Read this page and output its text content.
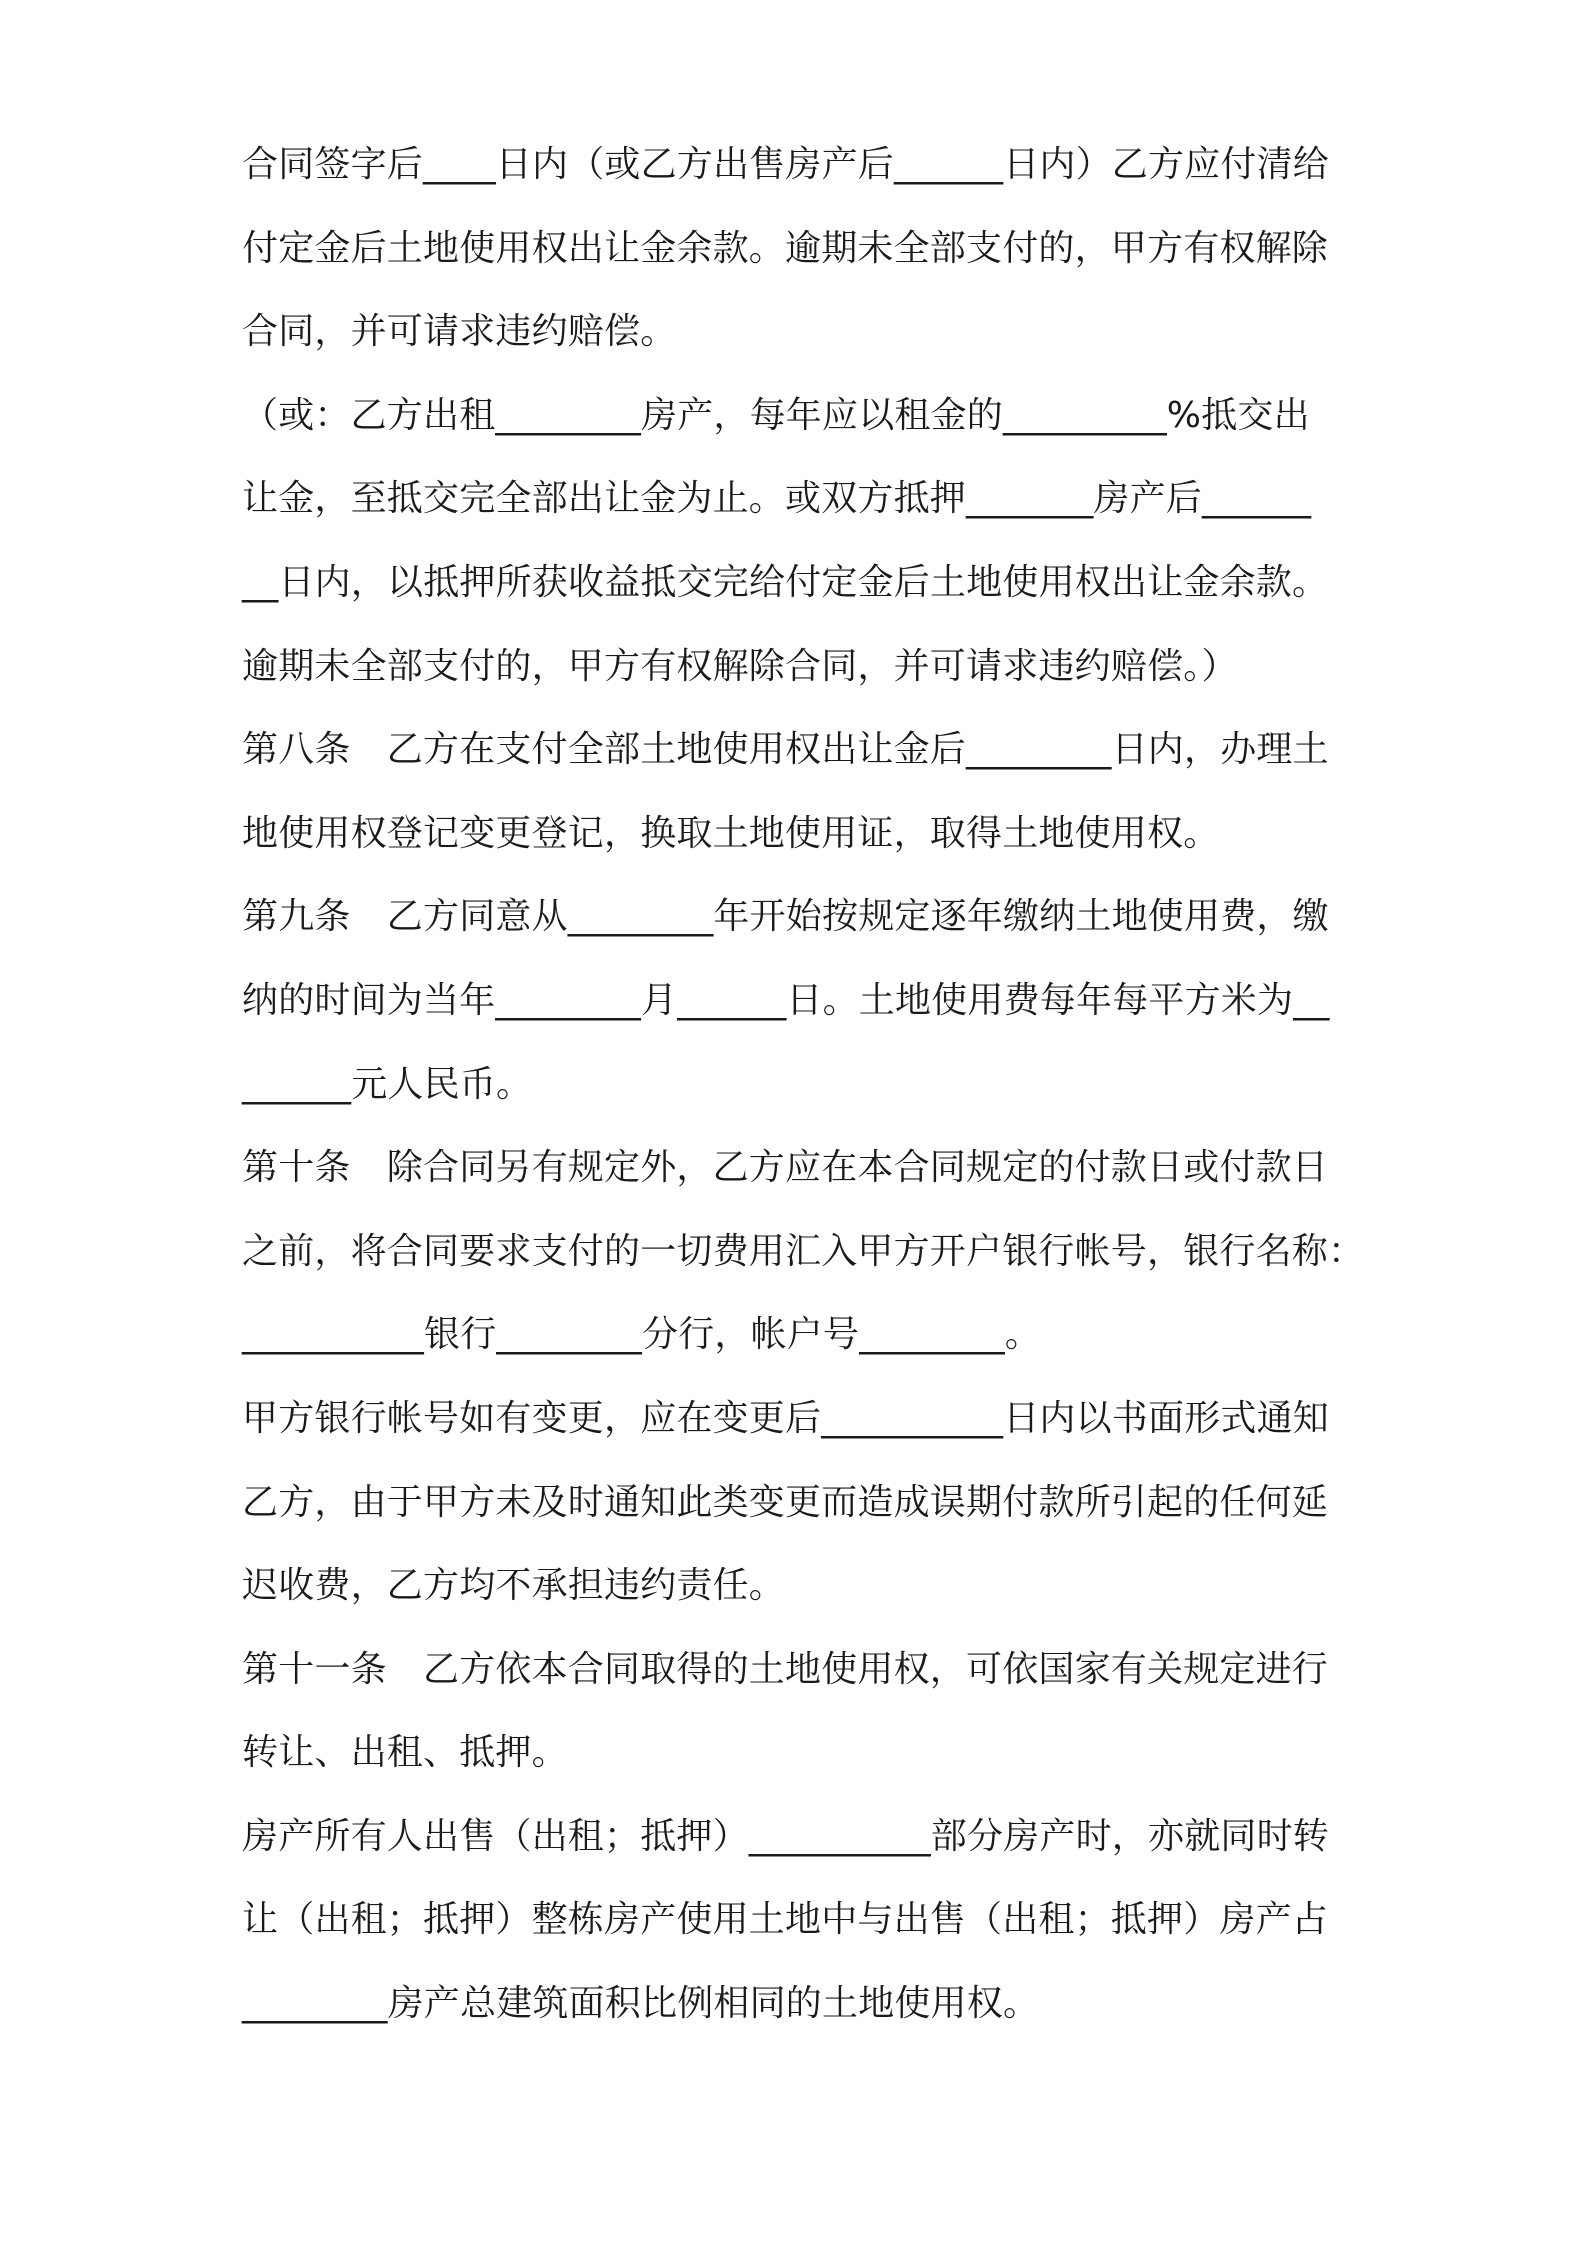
合同签字后____日内（或乙方出售房产后______日内）乙方应付清给
付定金后土地使用权出让金余款。逾期未全部支付的，甲方有权解除
合同，并可请求违约赔偿。
（或：乙方出租________房产，每年应以租金的_________%抵交出
让金，至抵交完全部出让金为止。或双方抵押_______房产后______
__日内，以抵押所获收益抵交完给付定金后土地使用权出让金余款。
逾期未全部支付的，甲方有权解除合同，并可请求违约赔偿。）
第八条　乙方在支付全部土地使用权出让金后________日内，办理土
地使用权登记变更登记，换取土地使用证，取得土地使用权。
第九条　乙方同意从________年开始按规定逐年缴纳土地使用费，缴
纳的时间为当年________月______日。土地使用费每年每平方米为__
______元人民币。
第十条　除合同另有规定外，乙方应在本合同规定的付款日或付款日
之前，将合同要求支付的一切费用汇入甲方开户银行帐号，银行名称：
__________银行________分行，帐户号________。
甲方银行帐号如有变更，应在变更后__________日内以书面形式通知
乙方，由于甲方未及时通知此类变更而造成误期付款所引起的任何延
迟收费，乙方均不承担违约责任。
第十一条　乙方依本合同取得的土地使用权，可依国家有关规定进行
转让、出租、抵押。
房产所有人出售（出租；抵押）__________部分房产时，亦就同时转
让（出租；抵押）整栋房产使用土地中与出售（出租；抵押）房产占
________房产总建筑面积比例相同的土地使用权。
